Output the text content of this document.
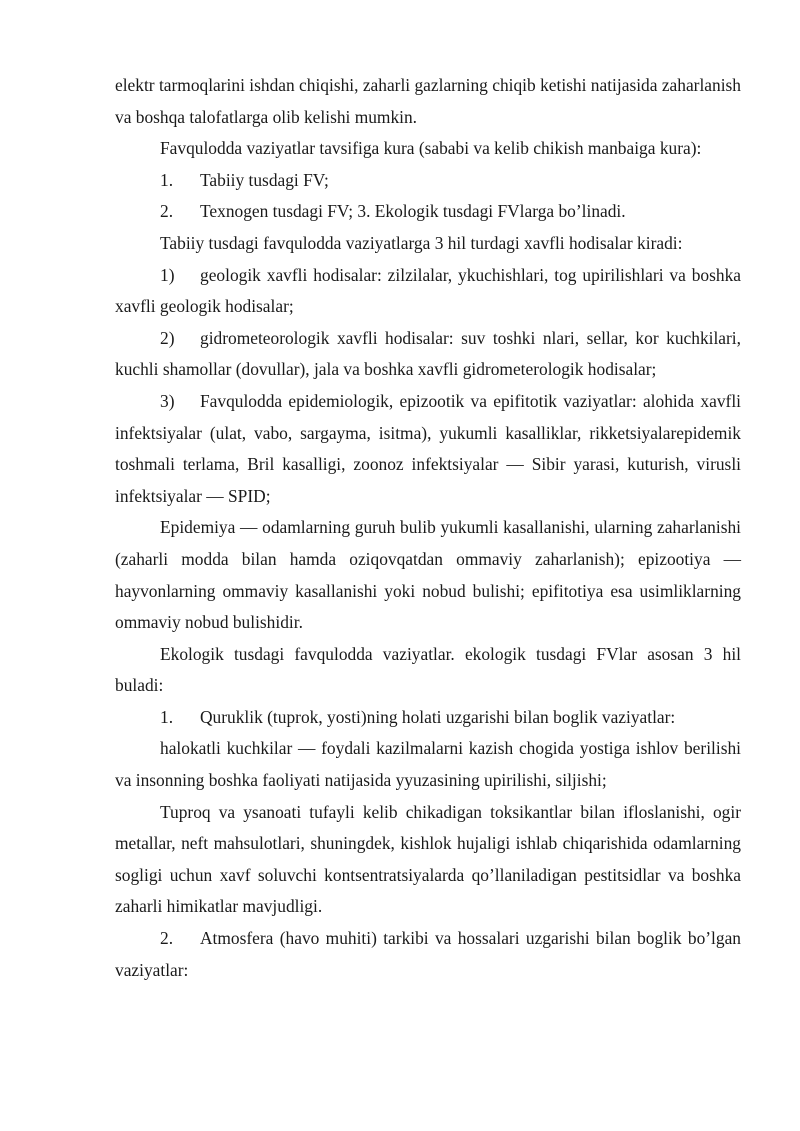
elektr tarmoqlarini ishdan chiqishi, zaharli gazlarning chiqib ketishi natijasida zaharlanish va boshqa talofatlarga olib kelishi mumkin.

Favqulodda vaziyatlar tavsifiga kura (sababi va kelib chikish manbaiga kura):

1. Tabiiy tusdagi FV;

2. Texnogen tusdagi FV; 3. Ekologik tusdagi FVlarga bo’linadi.

Tabiiy tusdagi favqulodda vaziyatlarga 3 hil turdagi xavfli hodisalar kiradi:

1) geologik xavfli hodisalar: zilzilalar, ykuchishlari, tog upirilishlari va boshka xavfli geologik hodisalar;

2) gidrometeorologik xavfli hodisalar: suv toshki nlari, sellar, kor kuchkilari, kuchli shamollar (dovullar), jala va boshka xavfli gidrometerologik hodisalar;

3) Favqulodda epidemiologik, epizootik va epifitotik vaziyatlar: alohida xavfli infektsiyalar (ulat, vabo, sargayma, isitma), yukumli kasalliklar, rikketsiyalarepidemik toshmali terlama, Bril kasalligi, zoonoz infektsiyalar — Sibir yarasi, kuturish, virusli infektsiyalar — SPID;

Epidemiya — odamlarning guruh bulib yukumli kasallanishi, ularning zaharlanishi (zaharli modda bilan hamda oziqovqatdan ommaviy zaharlanish); epizootiya — hayvonlarning ommaviy kasallanishi yoki nobud bulishi; epifitotiya esa usimliklarning ommaviy nobud bulishidir.

Ekologik tusdagi favqulodda vaziyatlar. ekologik tusdagi FVlar asosan 3 hil buladi:

1. Quruklik (tuprok, yosti)ning holati uzgarishi bilan boglik vaziyatlar:

halokatli kuchkilar — foydali kazilmalarni kazish chogida yostiga ishlov berilishi va insonning boshka faoliyati natijasida yyuzasining upirilishi, siljishi;

Tuproq va ysanoati tufayli kelib chikadigan toksikantlar bilan ifloslanishi, ogir metallar, neft mahsulotlari, shuningdek, kishlok hujaligi ishlab chiqarishida odamlarning sogligi uchun xavf soluvchi kontsentratsiyalarda qo’llaniladigan pestitsidlar va boshka zaharli himikatlar mavjudligi.

2. Atmosfera (havo muhiti) tarkibi va hossalari uzgarishi bilan boglik bo’lgan vaziyatlar:
